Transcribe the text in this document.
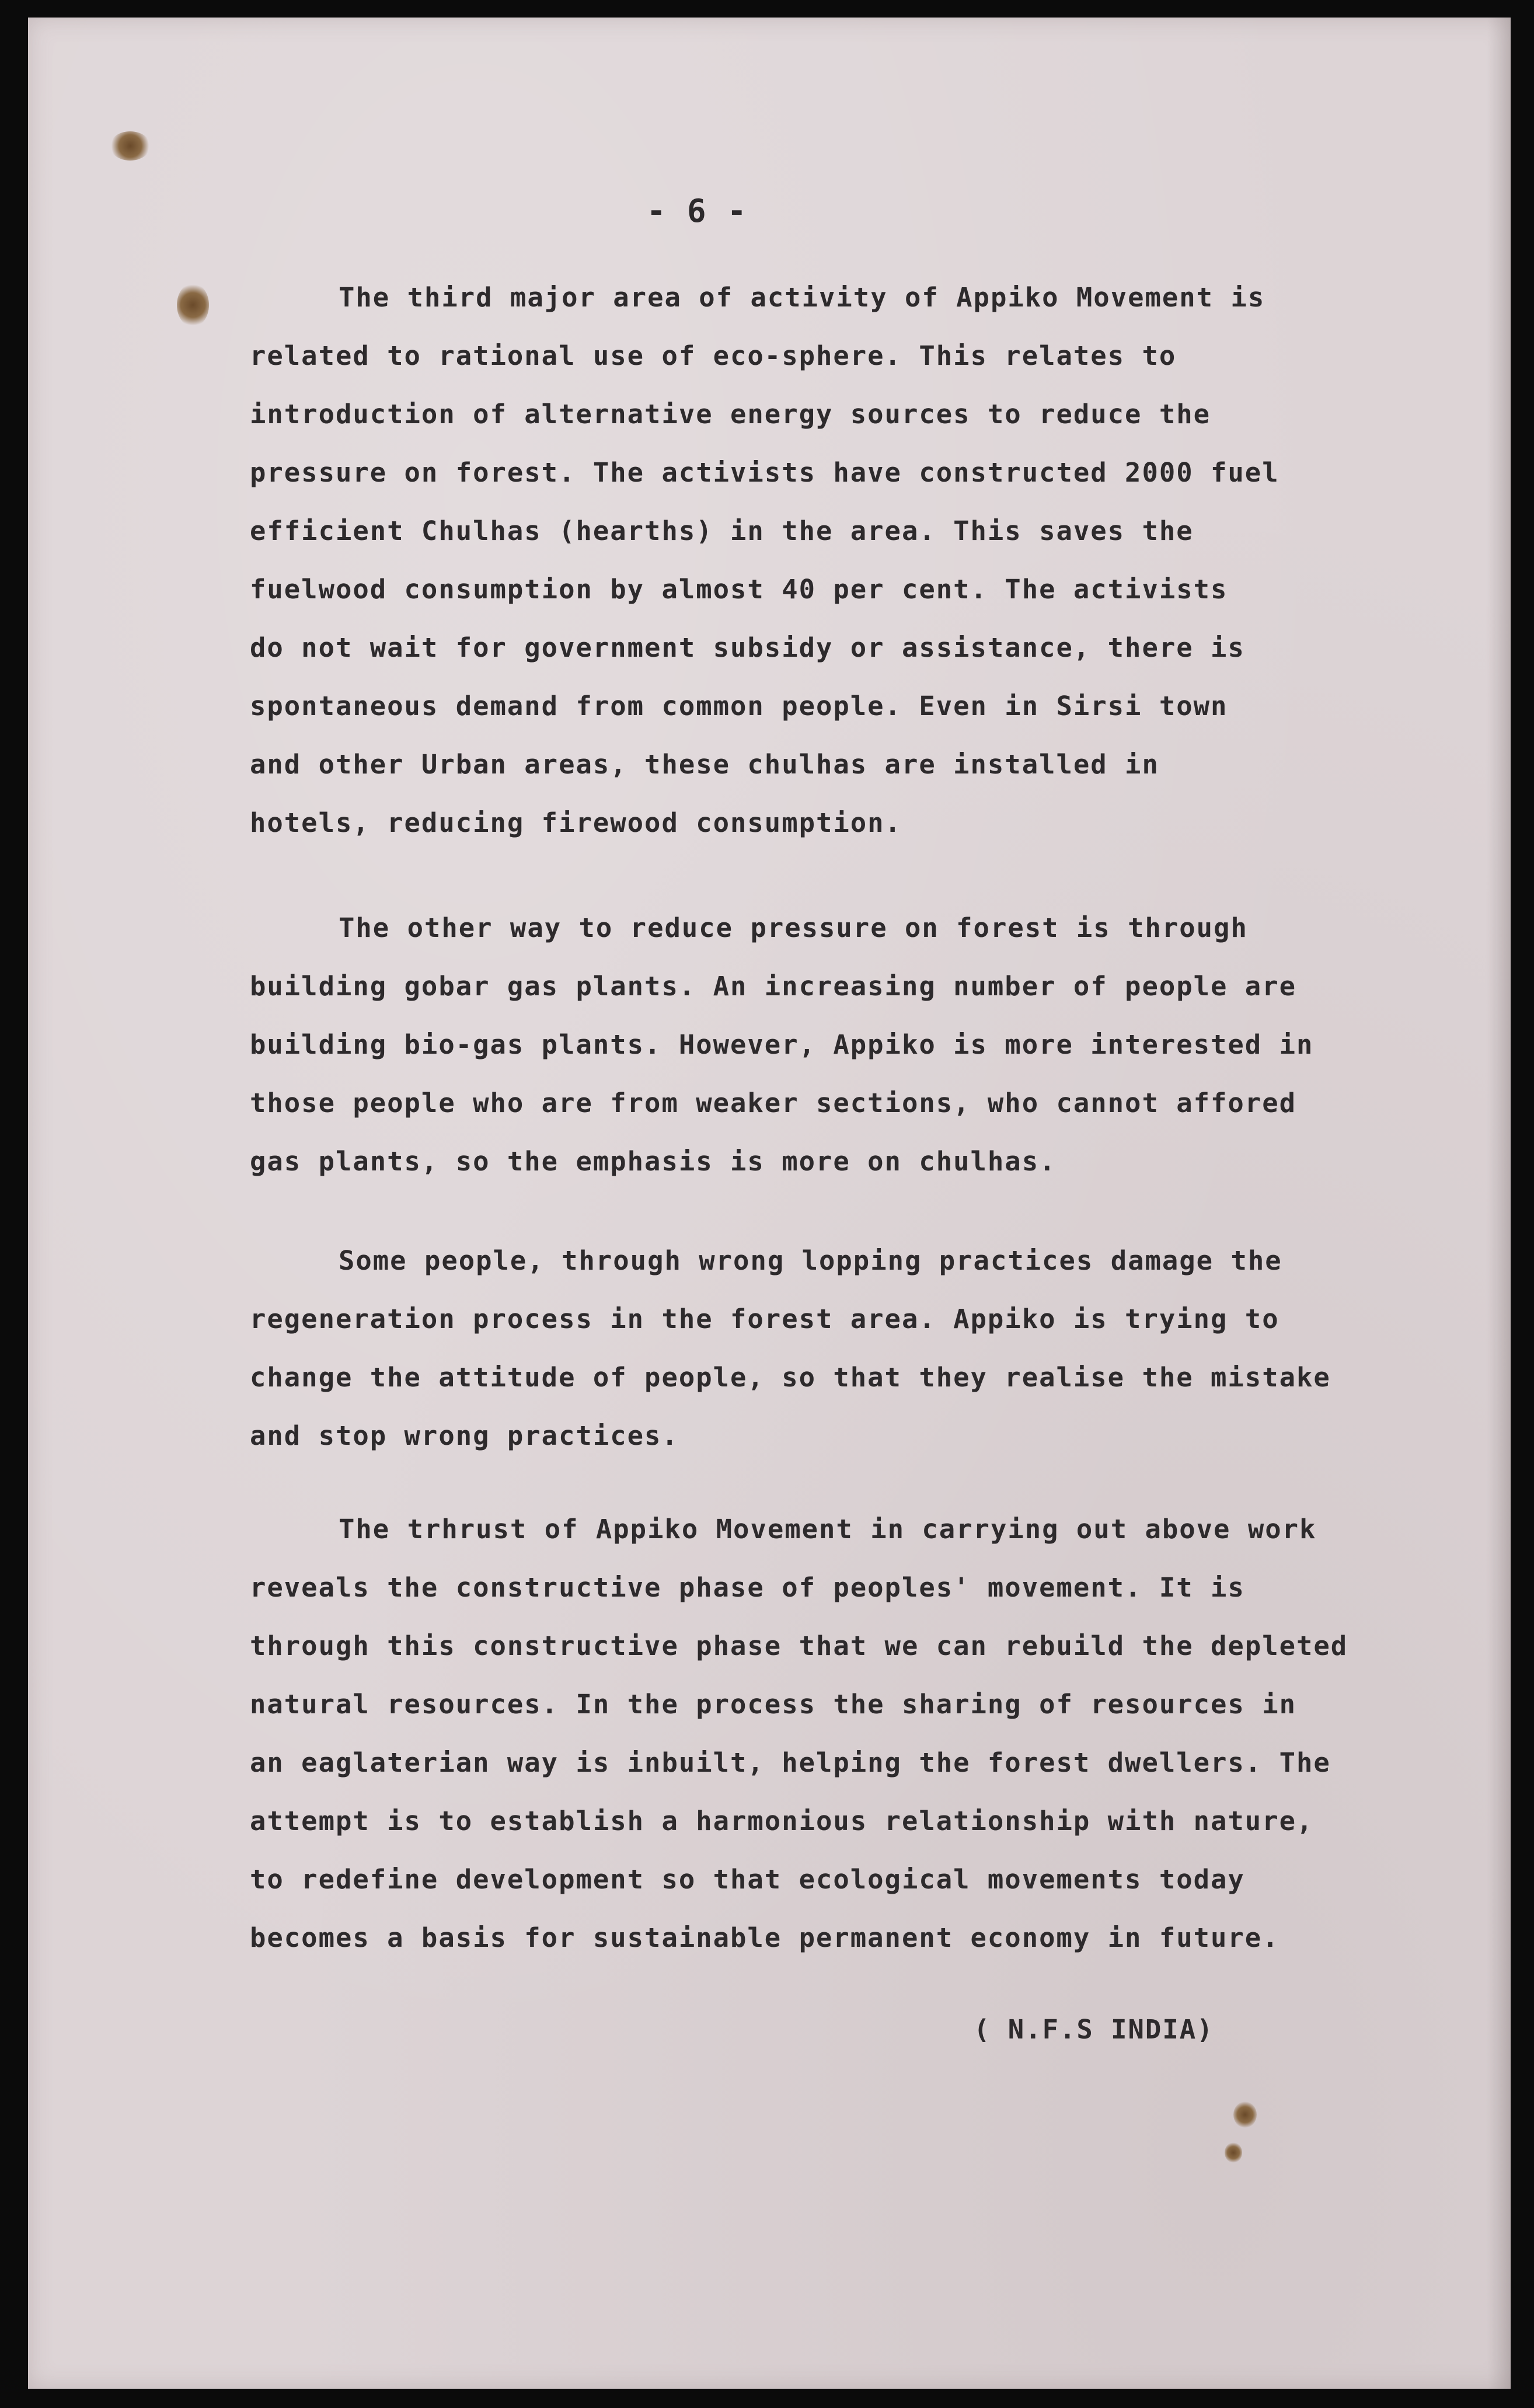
- 6 -
The third major area of activity of Appiko Movement is
related to rational use of eco-sphere. This relates to
introduction of alternative energy sources to reduce the
pressure on forest. The activists have constructed 2000 fuel
efficient Chulhas (hearths) in the area. This saves the
fuelwood consumption by almost 40 per cent. The activists
do not wait for government subsidy or assistance, there is
spontaneous demand from common people. Even in Sirsi town
and other Urban areas, these chulhas are installed in
hotels, reducing firewood consumption.
The other way to reduce pressure on forest is through
building gobar gas plants. An increasing number of people are
building bio-gas plants. However, Appiko is more interested in
those people who are from weaker sections, who cannot affored
gas plants, so the emphasis is more on chulhas.
Some people, through wrong lopping practices damage the
regeneration process in the forest area. Appiko is trying to
change the attitude of people, so that they realise the mistake
and stop wrong practices.
The trhrust of Appiko Movement in carrying out above work
reveals the constructive phase of peoples' movement. It is
through this constructive phase that we can rebuild the depleted
natural resources. In the process the sharing of resources in
an eaglaterian way is inbuilt, helping the forest dwellers. The
attempt is to establish a harmonious relationship with nature,
to redefine development so that ecological movements today
becomes a basis for sustainable permanent economy in future.
( N.F.S INDIA)
